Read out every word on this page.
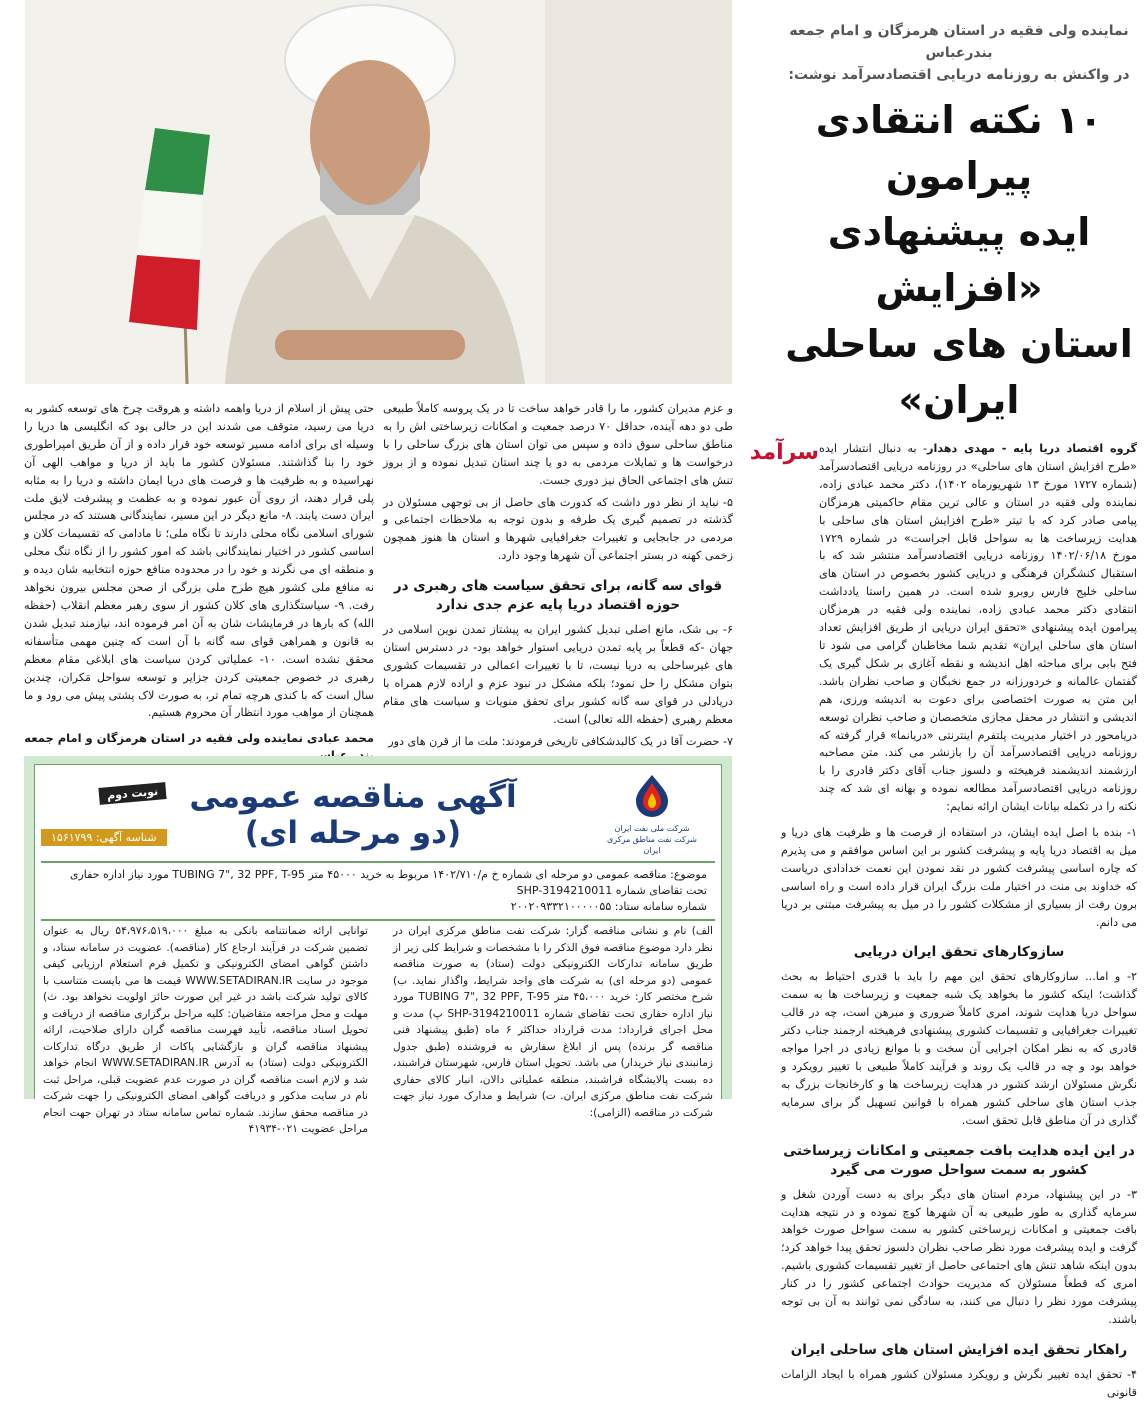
نماینده ولی فقیه در استان هرمزگان و امام جمعه بندرعباس

در واکنش به روزنامه دریایی اقتصادسرآمد نوشت:

۱۰ نکته انتقادی پیرامون
ایده پیشنهادی «افزایش
استان های ساحلی ایران»
گروه اقتصاد دریا پایه - مهدی دهدار- به دنبال انتشار ایده «طرح افزایش استان های ساحلی» در روزنامه دریایی اقتصادسرآمد (شماره ۱۷۲۷ مورخ ۱۳ شهریورماه ۱۴۰۲)، دکتر محمد عبادی زاده، نماینده ولی فقیه در استان و عالی ترین مقام حاکمیتی هرمزگان پیامی صادر کرد که با تیتر «طرح افزایش استان های ساحلی با هدایت زیرساخت ها به سواحل قابل اجراست» در شماره ۱۷۲۹ مورخ ۱۴۰۲/۰۶/۱۸ روزنامه دریایی اقتصادسرآمد منتشر شد که با استقبال کنشگران فرهنگی و دریایی کشور بخصوص در استان های ساحلی خلیج فارس روبرو شده است. در همین راستا یادداشت انتقادی دکتر محمد عبادی زاده، نماینده ولی فقیه در هرمزگان پیرامون ایده پیشنهادی «تحقق ایران دریایی از طریق افزایش تعداد استان های ساحلی ایران» تقدیم شما مخاطبان گرامی می شود تا فتح بابی برای مباحثه اهل اندیشه و نقطه آغازی بر شکل گیری یک گفتمان عالمانه و خردورزانه در جمع نخبگان و صاحب نظران باشد. این متن به صورت اختصاصی برای دعوت به اندیشه ورزی، هم اندیشی و انتشار در محفل مجازی متخصصان و صاحب نظران توسعه دریامحور در اختیار مدیریت پلتفرم اینترنتی «دریانما» قرار گرفته که روزنامه دریایی اقتصادسرآمد آن را بازنشر می کند. متن مصاحبه ارزشمند اندیشمند فرهیخته و دلسوز جناب آقای دکتر قادری را با روزنامه دریایی اقتصادسرآمد مطالعه نموده و بهانه ای شد که چند نکته را در تکمله بیانات ایشان ارائه نمایم:
سرآمد

۱- بنده با اصل ایده ایشان، در استفاده از فرصت ها و ظرفیت های دریا و میل به اقتصاد دریا پایه و پیشرفت کشور بر این اساس موافقم و می پذیرم که چاره اساسی پیشرفت کشور در نقد نمودن این نعمت خدادادی دریاست که خداوند بی منت در اختیار ملت بزرگ ایران قرار داده است و راه اساسی برون رفت از بسیاری از مشکلات کشور را در میل به پیشرفت مبتنی بر دریا می دانم.

سازوکارهای تحقق ایران دریایی

۲- و اما... سازوکارهای تحقق این مهم را باید با قدری احتیاط به بحث گذاشت؛ اینکه کشور ما بخواهد یک شبه جمعیت و زیرساخت ها به سمت سواحل دریا هدایت شوند، امری کاملاً ضروری و مبرهن است، چه در قالب تغییرات جغرافیایی و تقسیمات کشوری پیشنهادی فرهیخته ارجمند جناب دکتر قادری که به نظر امکان اجرایی آن سخت و با موانع زیادی در اجرا مواجه خواهد بود و چه در قالب یک روند و فرآیند کاملاً طبیعی با تغییر رویکرد و نگرش مسئولان ارشد کشور در هدایت زیرساخت ها و کارخانجات بزرگ به جذب استان های ساحلی کشور همراه با قوانین تسهیل گر برای سرمایه گذاری در آن مناطق قابل تحقق است.

در این ایده هدایت بافت جمعیتی و امکانات زیرساختی کشور به سمت سواحل صورت می گیرد

۳- در این پیشنهاد، مردم استان های دیگر برای به دست آوردن شغل و سرمایه گذاری به طور طبیعی به آن شهرها کوچ نموده و در نتیجه هدایت بافت جمعیتی و امکانات زیرساختی کشور به سمت سواحل صورت خواهد گرفت و ایده پیشرفت مورد نظر صاحب نظران دلسوز تحقق پیدا خواهد کرد؛ بدون اینکه شاهد تنش های اجتماعی حاصل از تغییر تقسیمات کشوری باشیم. امری که قطعاً مسئولان که مدیریت حوادث اجتماعی کشور را در کنار پیشرفت مورد نظر را دنبال می کنند، به سادگی نمی توانند به آن بی توجه باشند.

راهکار تحقق ایده افزایش استان های ساحلی ایران

۴- تحقق ایده تغییر نگرش و رویکرد مسئولان کشور همراه با ایجاد الزامات قانونی

و عزم مدیران کشور، ما را قادر خواهد ساخت تا در یک پروسه کاملاً طبیعی طی دو دهه آینده، حداقل ۷۰ درصد جمعیت و امکانات زیرساختی اش را به مناطق ساحلی سوق داده و سپس می توان استان های بزرگ ساحلی را با درخواست ها و تمایلات مردمی به دو یا چند استان تبدیل نموده و از بروز تنش های اجتماعی الحاق نیز دوری جست.

۵- نباید از نظر دور داشت که کدورت های حاصل از بی توجهی مسئولان در گذشته در تصمیم گیری یک طرفه و بدون توجه به ملاحظات اجتماعی و مردمی در جابجایی و تغییرات جغرافیایی شهرها و استان ها هنوز همچون زخمی کهنه در بستر اجتماعی آن شهرها وجود دارد.

قوای سه گانه، برای تحقق سیاست های رهبری در حوزه اقتصاد دریا پایه عزم جدی ندارد

۶- بی شک، مانع اصلی تبدیل کشور ایران به پیشتاز تمدن نوین اسلامی در جهان -که قطعاً بر پایه تمدن دریایی استوار خواهد بود- در دسترس استان های غیرساحلی به دریا نیست، تا با تغییرات اعمالی در تقسیمات کشوری بتوان مشکل را حل نمود؛ بلکه مشکل در نبود عزم و اراده لازم همراه با دریادلی در قوای سه گانه کشور برای تحقق منویات و سیاست های مقام معظم رهبری (حفظه الله تعالی) است.

۷- حضرت آقا در یک کالبدشکافی تاریخی فرمودند: ملت ما از قرن های دور

حتی پیش از اسلام از دریا واهمه داشته و هروقت چرخ های توسعه کشور به دریا می رسید، متوقف می شدند این در حالی بود که انگلیسی ها دریا را وسیله ای برای ادامه مسیر توسعه خود قرار داده و از آن طریق امپراطوری خود را بنا گذاشتند. مسئولان کشور ما باید از دریا و مواهب الهی آن نهراسیده و به ظرفیت ها و فرصت های دریا ایمان داشته و دریا را به مثابه پلی قرار دهند، از روی آن عبور نموده و به عظمت و پیشرفت لایق ملت ایران دست یابند. ۸- مانع دیگر در این مسیر، نمایندگانی هستند که در مجلس شورای اسلامی نگاه محلی دارند تا نگاه ملی؛ تا مادامی که تقسیمات کلان و اساسی کشور در اختیار نمایندگانی باشد که امور کشور را از نگاه تنگ محلی و منطقه ای می نگرند و خود را در محدوده منافع حوزه انتخابیه شان دیده و نه منافع ملی کشور هیچ طرح ملی بزرگی از صحن مجلس بیرون نخواهد رفت. ۹- سیاستگذاری های کلان کشور از سوی رهبر معظم انقلاب (حفظه الله) که بارها در فرمایشات شان به آن امر فرموده اند، نیازمند تبدیل شدن به قانون و همراهی قوای سه گانه با آن است که چنین مهمی متأسفانه محقق نشده است. ۱۰- عملیاتی کردن سیاست های ابلاغی مقام معظم رهبری در خصوص جمعیتی کردن جزایر و توسعه سواحل مَکران، چندین سال است که با کندی هرچه تمام تر، به صورت لاک پشتی پیش می رود و ما همچنان از مواهب مورد انتظار آن محروم هستیم.

محمد عبادی نماینده ولی فقیه در استان هرمزگان و امام جمعه

شرکت ملی نفت ایران
شرکت نفت مناطق مرکزی ایران
آگهی مناقصه عمومی (دو مرحله ای)
نوبت دوم
شناسه آگهی: ۱۵۶۱۷۹۹
موضوع: مناقصه عمومی دو مرحله ای شماره خ م/۱۴۰۲/۷۱۰ مربوط به خرید ۴۵۰۰۰ متر TUBING 7", 32 PPF, T-95 مورد نیاز اداره حفاری
تحت تقاضای شماره SHP-3194210011
شماره سامانه ستاد: ۲۰۰۲۰۹۳۳۲۱۰۰۰۰۰۵۵
الف) نام و نشانی مناقصه گزار: شرکت نفت مناطق مرکزی ایران در نظر دارد موضوع مناقصه فوق الذکر را با مشخصات و شرایط کلی زیر از طریق سامانه تدارکات الکترونیکی دولت (ستاد) به صورت مناقصه عمومی (دو مرحله ای) به شرکت های واجد شرایط، واگذار نماید. ب) شرح مختصر کار: خرید ۴۵،۰۰۰ متر TUBING 7", 32 PPF, T-95 مورد نیاز اداره حفاری تحت تقاضای شماره SHP-3194210011 پ) مدت و محل اجرای قرارداد: مدت قرارداد حداکثر ۶ ماه (طبق پیشنهاد فنی مناقصه گر برنده) پس از ابلاغ سفارش به فروشنده (طبق جدول زمانبندی نیاز خریدار) می باشد. تحویل استان فارس، شهرستان فراشبند، ده بست پالایشگاه فراشبند، منطقه عملیاتی دالان، انبار کالای حفاری شرکت نفت مناطق مرکزی ایران. ت) شرایط و مدارک مورد نیاز جهت شرکت در مناقصه (الزامی):
توانایی ارائه ضمانتنامه بانکی به مبلغ ۵۴،۹۷۶،۵۱۹،۰۰۰ ریال به عنوان تضمین شرکت در فرآیند ارجاع کار (مناقصه). عضویت در سامانه ستاد، و داشتن گواهی امضای الکترونیکی و تکمیل فرم استعلام ارزیابی کیفی موجود در سایت WWW.SETADIRAN.IR قیمت ها می بایست متناسب با کالای تولید شرکت باشد در غیر این صورت حائز اولویت نخواهد بود. ث) مهلت و محل مراجعه متقاضیان: کلیه مراحل برگزاری مناقصه از دریافت و تحویل اسناد مناقصه، تأیید فهرست مناقصه گران دارای صلاحیت، ارائه پیشنهاد مناقصه گران و بازگشایی پاکات از طریق درگاه تدارکات الکترونیکی دولت (ستاد) به آدرس WWW.SETADIRAN.IR انجام خواهد شد و لازم است مناقصه گران در صورت عدم عضویت قبلی، مراحل ثبت نام در سایت مذکور و دریافت گواهی امضای الکترونیکی را جهت شرکت در مناقصه محقق سازند. شماره تماس سامانه ستاد در تهران جهت انجام مراحل عضویت ۰۲۱-۴۱۹۳۴
